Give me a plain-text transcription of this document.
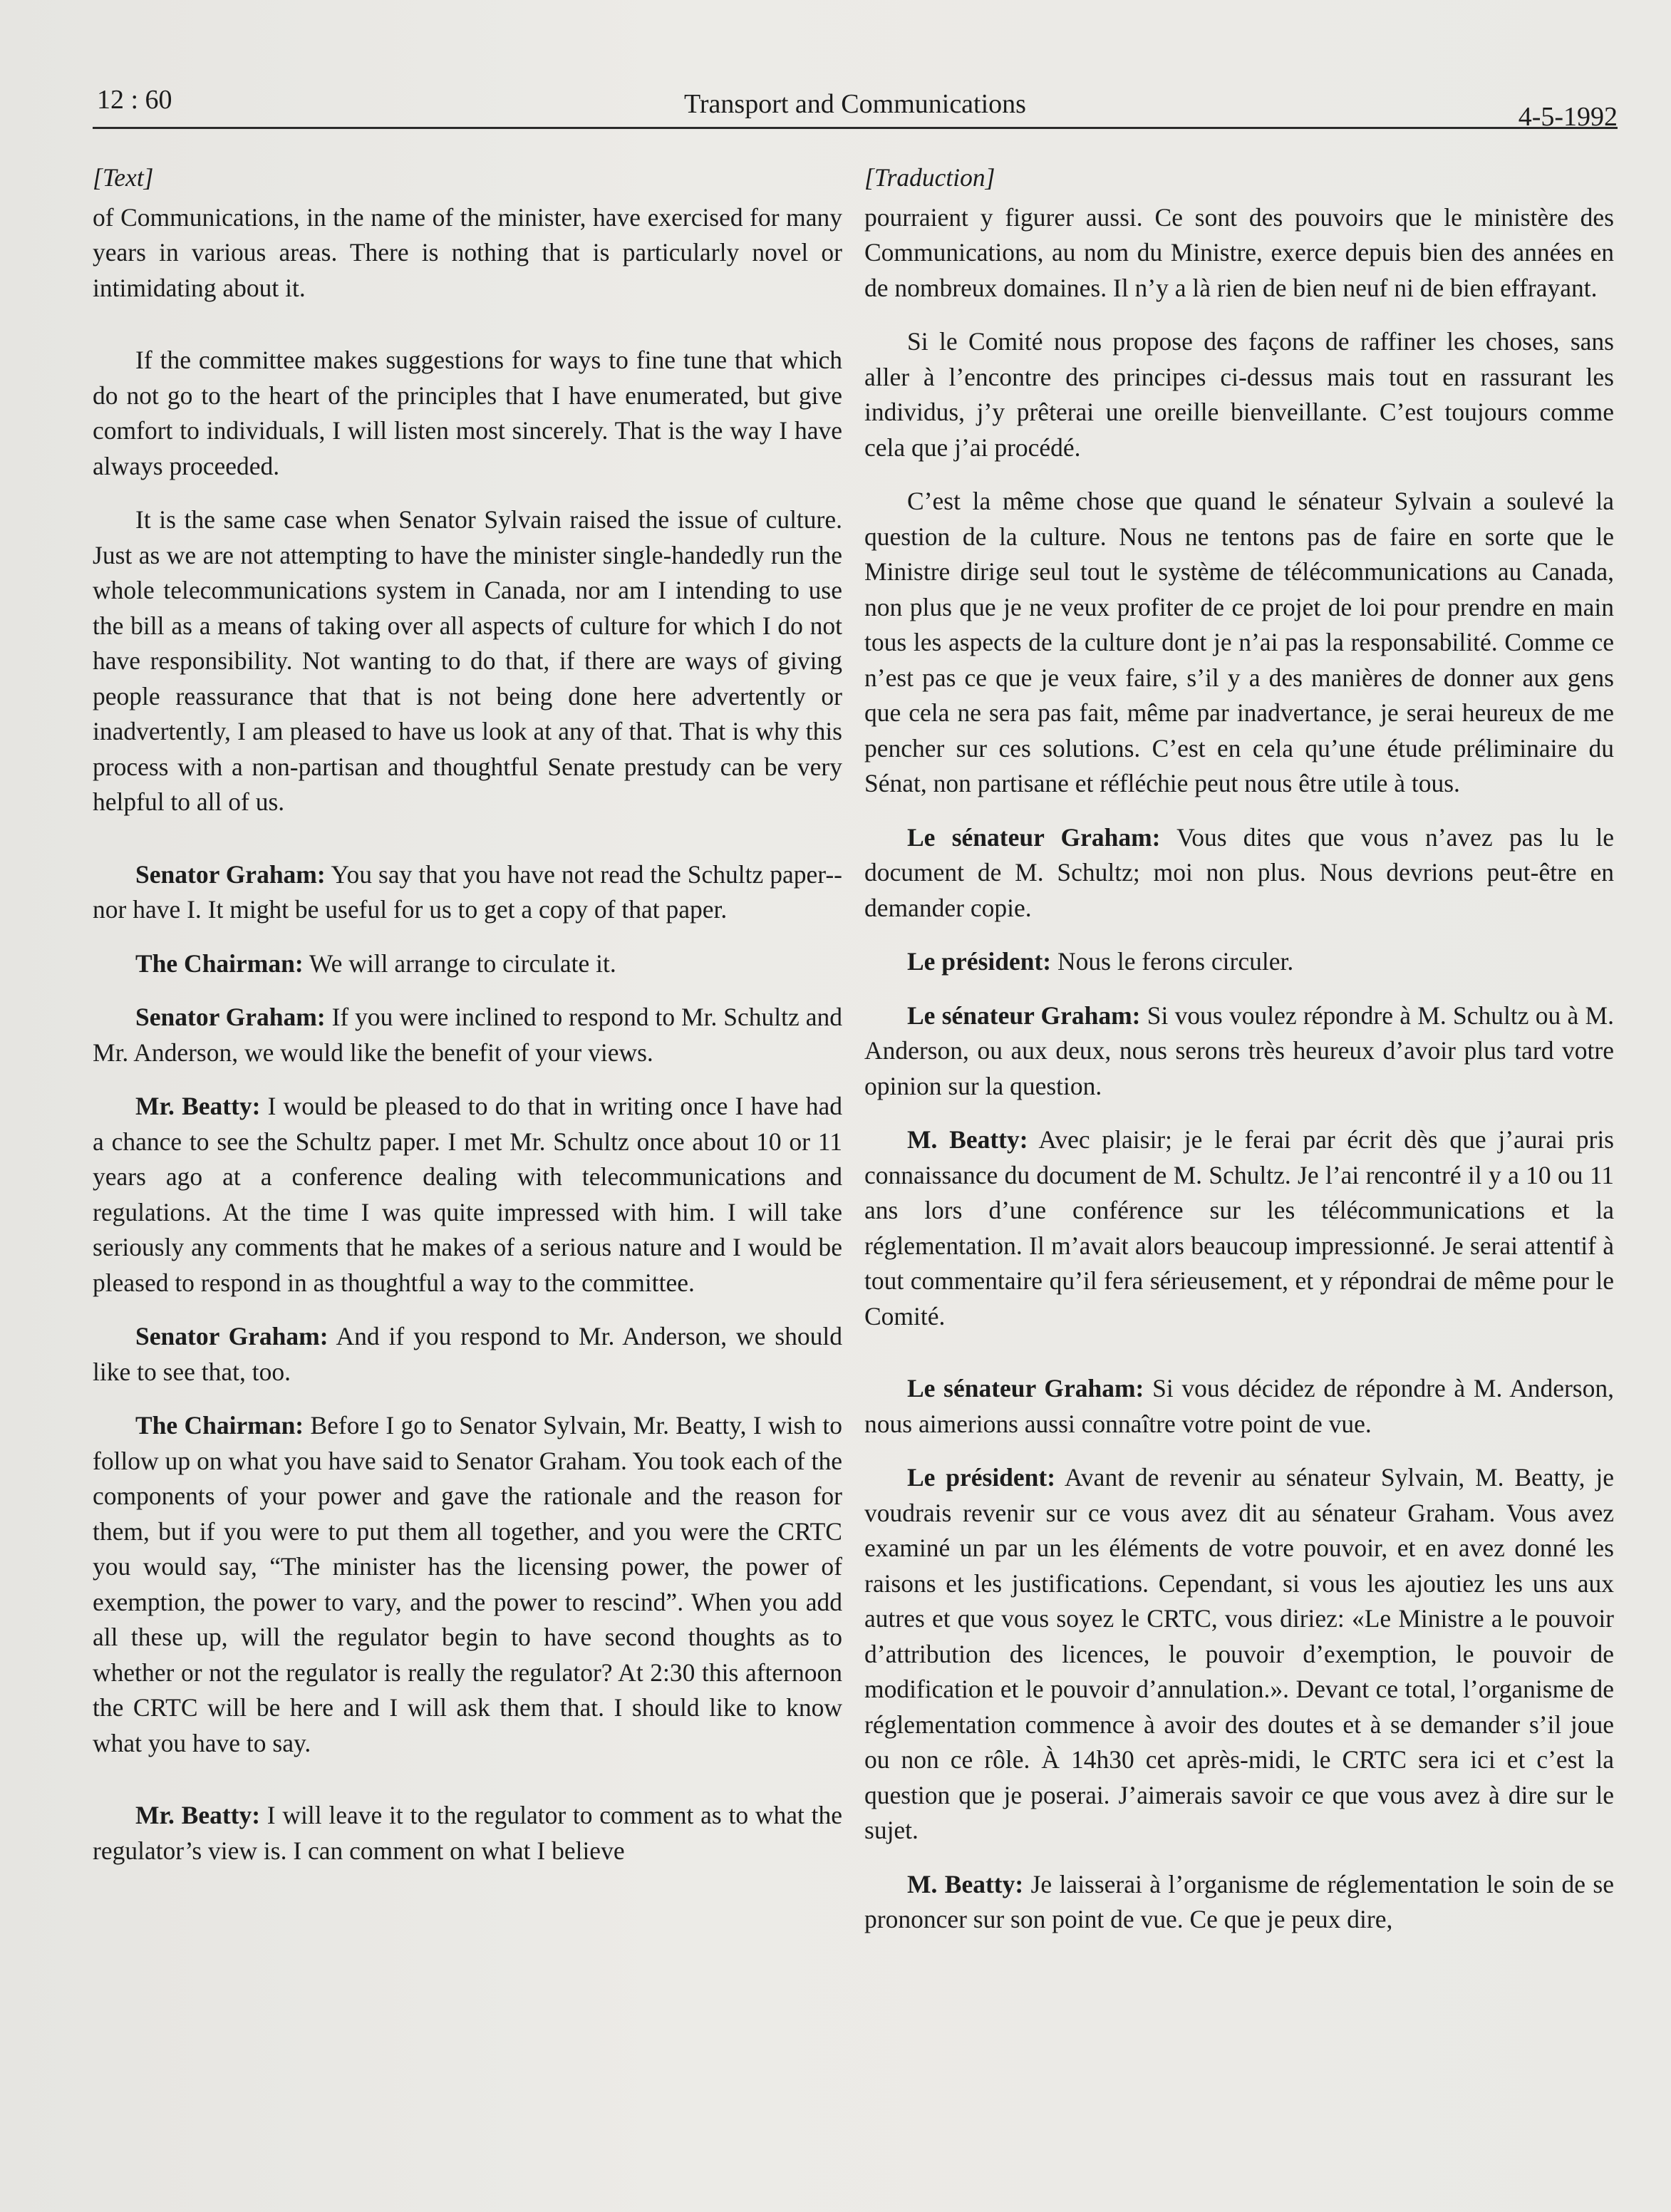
12 : 60	Transport and Communications	4-5-1992

[Text]

of Communications, in the name of the minister, have exercised for many years in various areas. There is nothing that is particularly novel or intimidating about it.

If the committee makes suggestions for ways to fine tune that which do not go to the heart of the principles that I have enumerated, but give comfort to individuals, I will listen most sincerely. That is the way I have always proceeded.

It is the same case when Senator Sylvain raised the issue of culture. Just as we are not attempting to have the minister single-handedly run the whole telecommunications system in Canada, nor am I intending to use the bill as a means of taking over all aspects of culture for which I do not have responsibility. Not wanting to do that, if there are ways of giving people reassurance that that is not being done here advertently or inadvertently, I am pleased to have us look at any of that. That is why this process with a non-partisan and thoughtful Senate prestudy can be very helpful to all of us.

Senator Graham: You say that you have not read the Schultz paper--nor have I. It might be useful for us to get a copy of that paper.

The Chairman: We will arrange to circulate it.

Senator Graham: If you were inclined to respond to Mr. Schultz and Mr. Anderson, we would like the benefit of your views.

Mr. Beatty: I would be pleased to do that in writing once I have had a chance to see the Schultz paper. I met Mr. Schultz once about 10 or 11 years ago at a conference dealing with telecommunications and regulations. At the time I was quite impressed with him. I will take seriously any comments that he makes of a serious nature and I would be pleased to respond in as thoughtful a way to the committee.

Senator Graham: And if you respond to Mr. Anderson, we should like to see that, too.

The Chairman: Before I go to Senator Sylvain, Mr. Beatty, I wish to follow up on what you have said to Senator Graham. You took each of the components of your power and gave the rationale and the reason for them, but if you were to put them all together, and you were the CRTC you would say, “The minister has the licensing power, the power of exemption, the power to vary, and the power to rescind”. When you add all these up, will the regulator begin to have second thoughts as to whether or not the regulator is really the regulator? At 2:30 this afternoon the CRTC will be here and I will ask them that. I should like to know what you have to say.

Mr. Beatty: I will leave it to the regulator to comment as to what the regulator’s view is. I can comment on what I believe

[Traduction]

pourraient y figurer aussi. Ce sont des pouvoirs que le ministère des Communications, au nom du Ministre, exerce depuis bien des années en de nombreux domaines. Il n’y a là rien de bien neuf ni de bien effrayant.

Si le Comité nous propose des façons de raffiner les choses, sans aller à l’encontre des principes ci-dessus mais tout en rassurant les individus, j’y prêterai une oreille bienveillante. C’est toujours comme cela que j’ai procédé.

C’est la même chose que quand le sénateur Sylvain a soulevé la question de la culture. Nous ne tentons pas de faire en sorte que le Ministre dirige seul tout le système de télécommunications au Canada, non plus que je ne veux profiter de ce projet de loi pour prendre en main tous les aspects de la culture dont je n’ai pas la responsabilité. Comme ce n’est pas ce que je veux faire, s’il y a des manières de donner aux gens que cela ne sera pas fait, même par inadvertance, je serai heureux de me pencher sur ces solutions. C’est en cela qu’une étude préliminaire du Sénat, non partisane et réfléchie peut nous être utile à tous.

Le sénateur Graham: Vous dites que vous n’avez pas lu le document de M. Schultz; moi non plus. Nous devrions peut-être en demander copie.

Le président: Nous le ferons circuler.

Le sénateur Graham: Si vous voulez répondre à M. Schultz ou à M. Anderson, ou aux deux, nous serons très heureux d’avoir plus tard votre opinion sur la question.

M. Beatty: Avec plaisir; je le ferai par écrit dès que j’aurai pris connaissance du document de M. Schultz. Je l’ai rencontré il y a 10 ou 11 ans lors d’une conférence sur les télécommunications et la réglementation. Il m’avait alors beaucoup impressionné. Je serai attentif à tout commentaire qu’il fera sérieusement, et y répondrai de même pour le Comité.

Le sénateur Graham: Si vous décidez de répondre à M. Anderson, nous aimerions aussi connaître votre point de vue.

Le président: Avant de revenir au sénateur Sylvain, M. Beatty, je voudrais revenir sur ce vous avez dit au sénateur Graham. Vous avez examiné un par un les éléments de votre pouvoir, et en avez donné les raisons et les justifications. Cependant, si vous les ajoutiez les uns aux autres et que vous soyez le CRTC, vous diriez: «Le Ministre a le pouvoir d’attribution des licences, le pouvoir d’exemption, le pouvoir de modification et le pouvoir d’annulation.». Devant ce total, l’organisme de réglementation commence à avoir des doutes et à se demander s’il joue ou non ce rôle. À 14h30 cet après-midi, le CRTC sera ici et c’est la question que je poserai. J’aimerais savoir ce que vous avez à dire sur le sujet.

M. Beatty: Je laisserai à l’organisme de réglementation le soin de se prononcer sur son point de vue. Ce que je peux dire,
